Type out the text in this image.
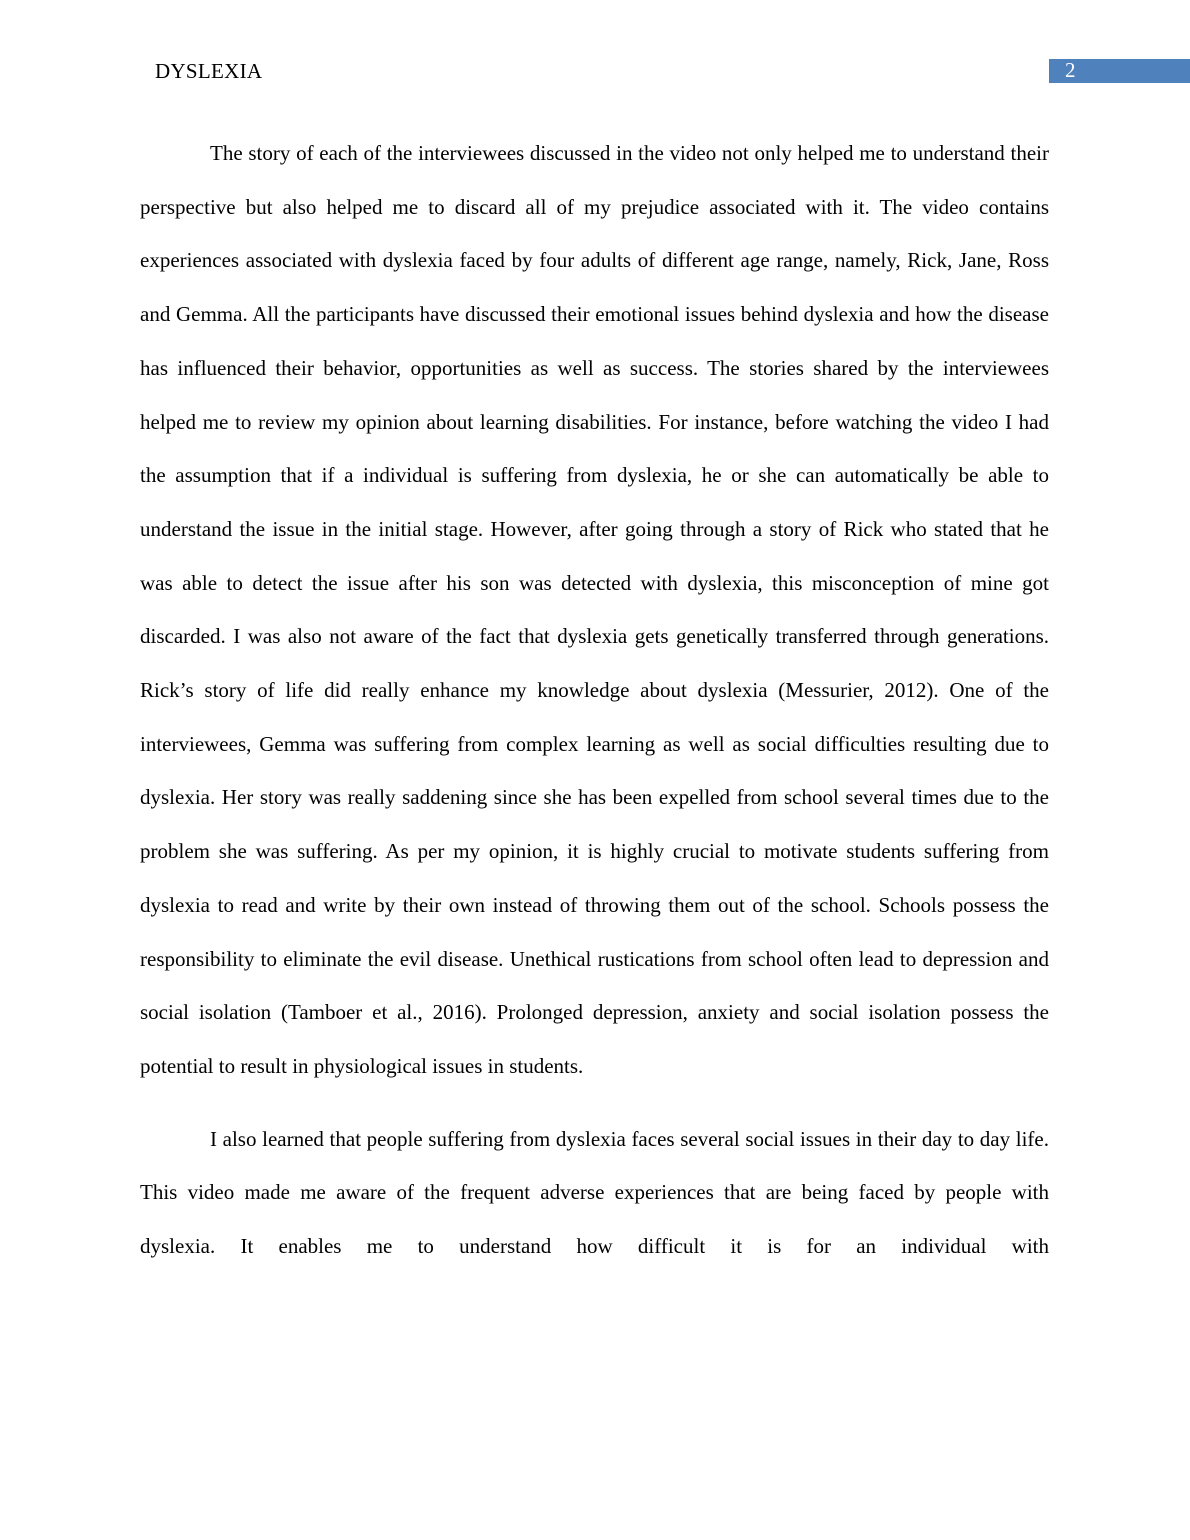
DYSLEXIA	2

The story of each of the interviewees discussed in the video not only helped me to understand their perspective but also helped me to discard all of my prejudice associated with it. The video contains experiences associated with dyslexia faced by four adults of different age range, namely, Rick, Jane, Ross and Gemma. All the participants have discussed their emotional issues behind dyslexia and how the disease has influenced their behavior, opportunities as well as success. The stories shared by the interviewees helped me to review my opinion about learning disabilities. For instance, before watching the video I had the assumption that if a individual is suffering from dyslexia, he or she can automatically be able to understand the issue in the initial stage. However, after going through a story of Rick who stated that he was able to detect the issue after his son was detected with dyslexia, this misconception of mine got discarded. I was also not aware of the fact that dyslexia gets genetically transferred through generations. Rick’s story of life did really enhance my knowledge about dyslexia (Messurier, 2012). One of the interviewees, Gemma was suffering from complex learning as well as social difficulties resulting due to dyslexia. Her story was really saddening since she has been expelled from school several times due to the problem she was suffering. As per my opinion, it is highly crucial to motivate students suffering from dyslexia to read and write by their own instead of throwing them out of the school. Schools possess the responsibility to eliminate the evil disease. Unethical rustications from school often lead to depression and social isolation (Tamboer et al., 2016). Prolonged depression, anxiety and social isolation possess the potential to result in physiological issues in students.

I also learned that people suffering from dyslexia faces several social issues in their day to day life. This video made me aware of the frequent adverse experiences that are being faced by people with dyslexia. It enables me to understand how difficult it is for an individual with
